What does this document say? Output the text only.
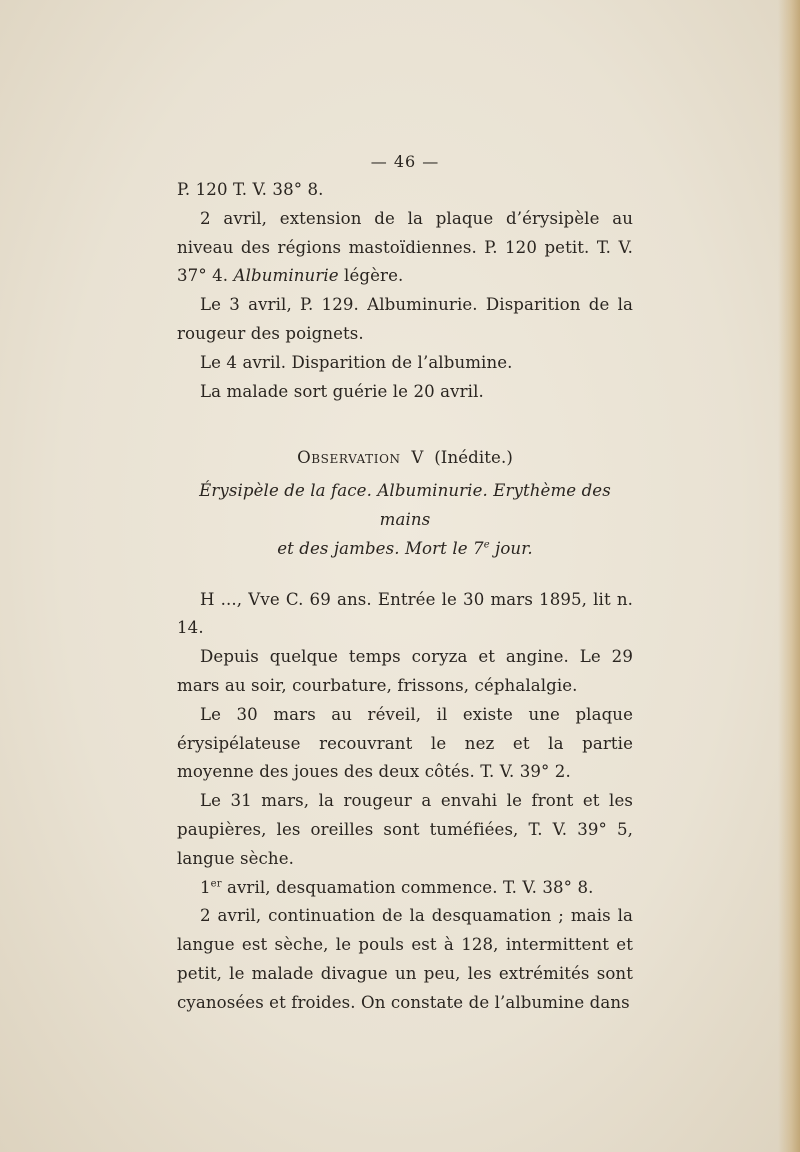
— 46 —

P. 120 T. V. 38° 8.

2 avril, extension de la plaque d’érysipèle au niveau des régions mastoïdiennes. P. 120 petit. T. V. 37° 4. Albuminurie légère.

Le 3 avril, P. 129. Albuminurie. Disparition de la rougeur des poignets.

Le 4 avril. Disparition de l’albumine.

La malade sort guérie le 20 avril.

Observation V (Inédite.)

Érysipèle de la face. Albuminurie. Erythème des mains

et des jambes. Mort le 7e jour.

H ..., Vve C. 69 ans. Entrée le 30 mars 1895, lit n. 14.

Depuis quelque temps coryza et angine. Le 29 mars au soir, courbature, frissons, céphalalgie.

Le 30 mars au réveil, il existe une plaque érysipélateuse recouvrant le nez et la partie moyenne des joues des deux côtés. T. V. 39° 2.

Le 31 mars, la rougeur a envahi le front et les paupières, les oreilles sont tuméfiées, T. V. 39° 5, langue sèche.

1er avril, desquamation commence. T. V. 38° 8.

2 avril, continuation de la desquamation ; mais la langue est sèche, le pouls est à 128, intermittent et petit, le malade divague un peu, les extrémités sont cyanosées et froides. On constate de l’albumine dans
